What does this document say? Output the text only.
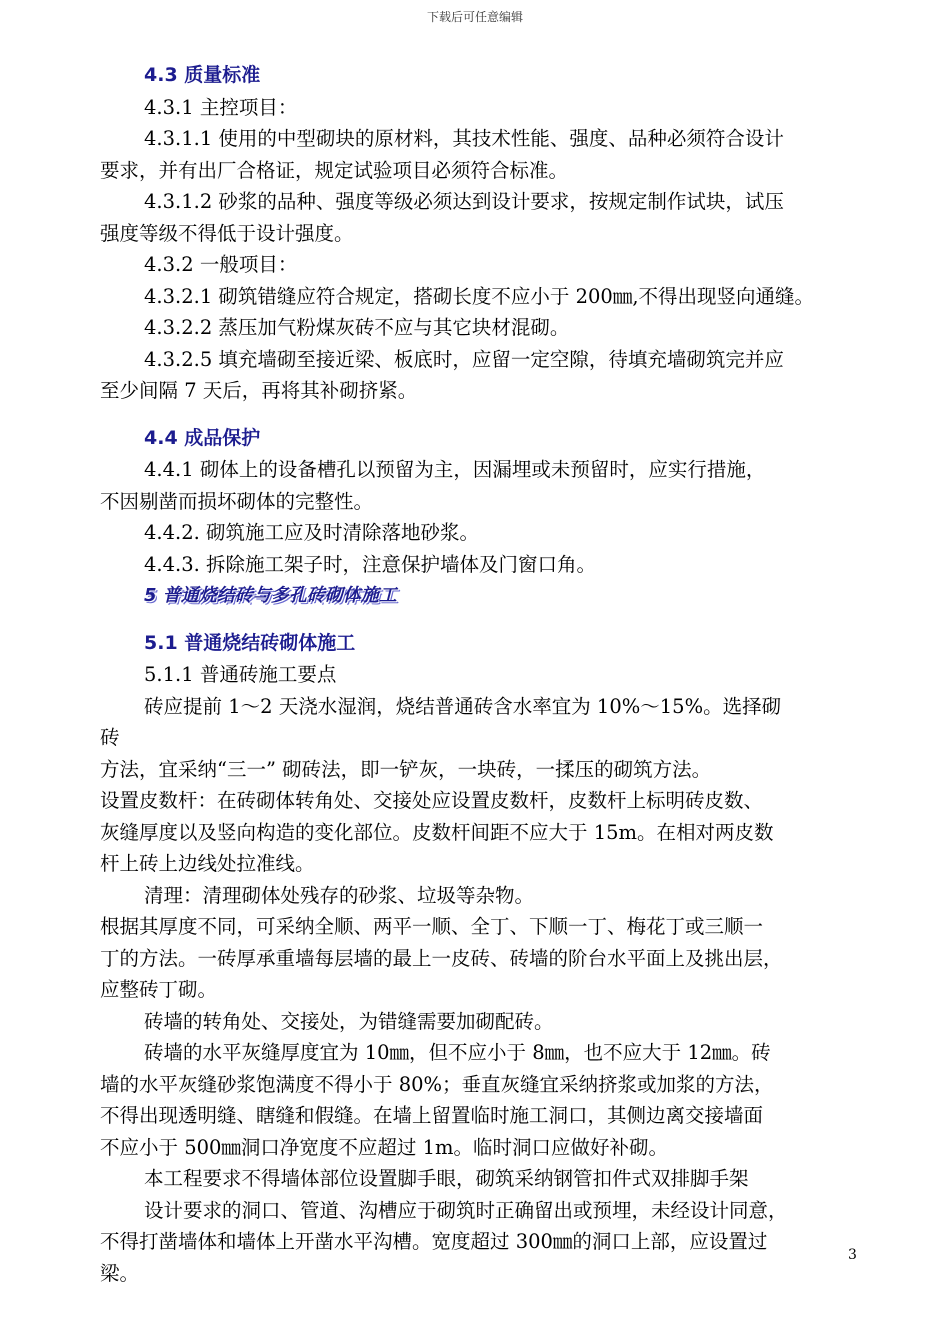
下载后可任意编辑
4.3 质量标准
4.3.1 主控项目：
4.3.1.1 使用的中型砌块的原材料，其技术性能、强度、品种必须符合设计
要求，并有出厂合格证，规定试验项目必须符合标准。
4.3.1.2 砂浆的品种、强度等级必须达到设计要求，按规定制作试块，试压
强度等级不得低于设计强度。
4.3.2 一般项目：
4.3.2.1 砌筑错缝应符合规定，搭砌长度不应小于 200㎜,不得出现竖向通缝。
4.3.2.2 蒸压加气粉煤灰砖不应与其它块材混砌。
4.3.2.5 填充墙砌至接近梁、板底时，应留一定空隙，待填充墙砌筑完并应
至少间隔 7 天后，再将其补砌挤紧。
4.4 成品保护
4.4.1 砌体上的设备槽孔以预留为主，因漏埋或未预留时，应实行措施，
不因剔凿而损坏砌体的完整性。
4.4.2. 砌筑施工应及时清除落地砂浆。
4.4.3. 拆除施工架子时，注意保护墙体及门窗口角。
5 普通烧结砖与多孔砖砌体施工
5.1 普通烧结砖砌体施工
5.1.1 普通砖施工要点
砖应提前 1～2 天浇水湿润，烧结普通砖含水率宜为 10%～15%。选择砌
砖
方法，宜采纳“三一” 砌砖法，即一铲灰，一块砖，一揉压的砌筑方法。
设置皮数杆：在砖砌体转角处、交接处应设置皮数杆，皮数杆上标明砖皮数、
灰缝厚度以及竖向构造的变化部位。皮数杆间距不应大于 15m。在相对两皮数
杆上砖上边线处拉准线。
清理：清理砌体处残存的砂浆、垃圾等杂物。
根据其厚度不同，可采纳全顺、两平一顺、全丁、下顺一丁、梅花丁或三顺一
丁的方法。一砖厚承重墙每层墙的最上一皮砖、砖墙的阶台水平面上及挑出层，
应整砖丁砌。
砖墙的转角处、交接处，为错缝需要加砌配砖。
砖墙的水平灰缝厚度宜为 10㎜，但不应小于 8㎜，也不应大于 12㎜。砖
墙的水平灰缝砂浆饱满度不得小于 80%；垂直灰缝宜采纳挤浆或加浆的方法，
不得出现透明缝、瞎缝和假缝。在墙上留置临时施工洞口，其侧边离交接墙面
不应小于 500㎜洞口净宽度不应超过 1m。临时洞口应做好补砌。
本工程要求不得墙体部位设置脚手眼，砌筑采纳钢管扣件式双排脚手架
设计要求的洞口、管道、沟槽应于砌筑时正确留出或预埋，未经设计同意，
不得打凿墙体和墙体上开凿水平沟槽。宽度超过 300㎜的洞口上部，应设置过
梁。
3
